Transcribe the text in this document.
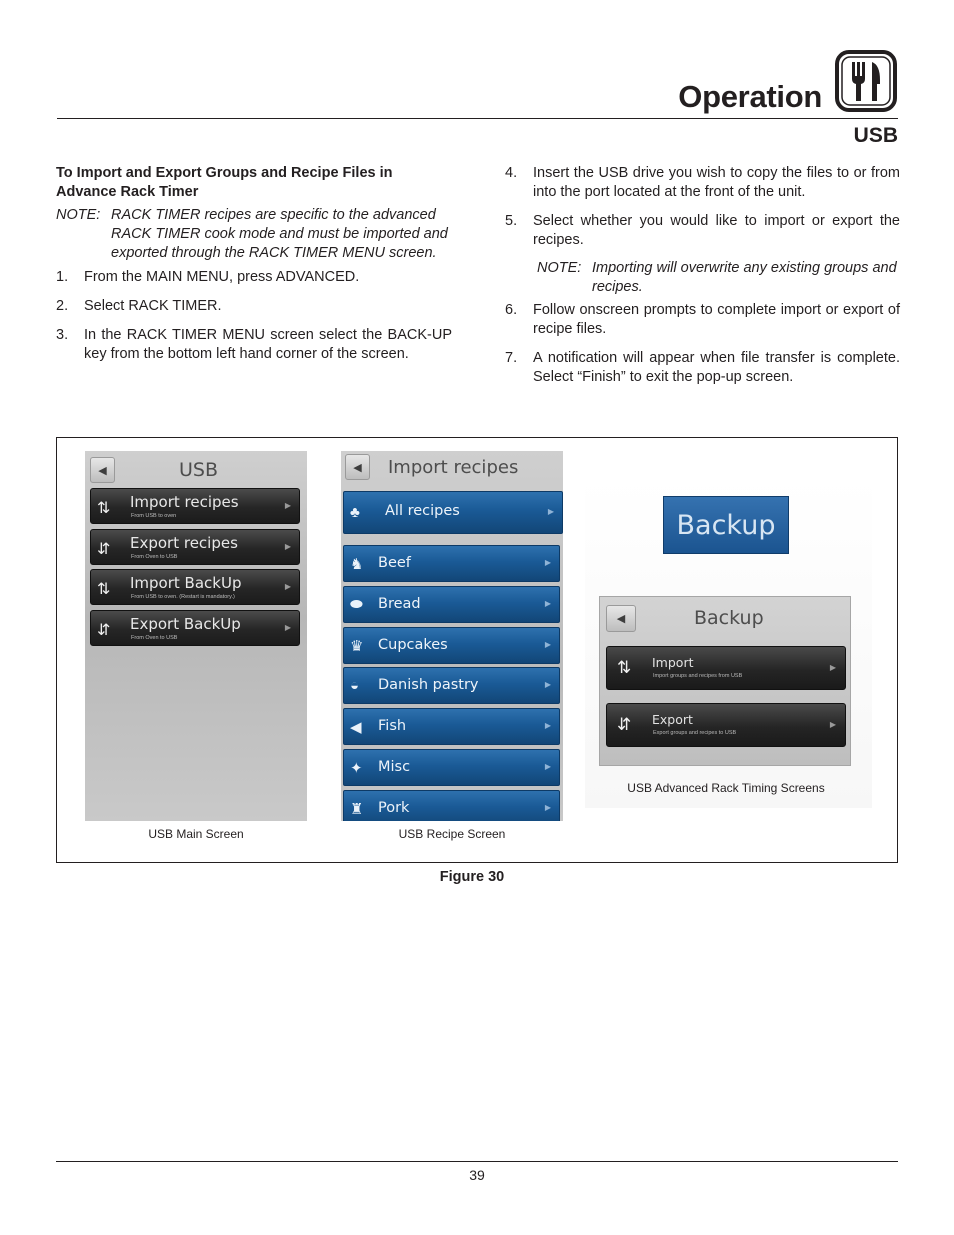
Operation
USB
To Import and Export Groups and Recipe Files in Advance Rack Timer
NOTE: RACK TIMER recipes are specific to the advanced RACK TIMER cook mode and must be imported and exported through the RACK TIMER MENU screen.
1.	From the MAIN MENU, press ADVANCED.
2.	Select RACK TIMER.
3.	In the RACK TIMER MENU screen select the BACK-UP key from the bottom left hand corner of the screen.
4.	Insert the USB drive you wish to copy the files to or from into the port located at the front of the unit.
5.	Select whether you would like to import or export the recipes.
NOTE: Importing will overwrite any existing groups and recipes.
6.	Follow onscreen prompts to complete import or export of recipe files.
7.	A notification will appear when file transfer is complete. Select “Finish” to exit the pop-up screen.
◀	USB
⇅ Import recipes
From USB to oven
▶
⇵ Export recipes
From Oven to USB
▶
⇅ Import BackUp
From USB to oven. (Restart is mandatory.)
▶
⇵ Export BackUp
From Oven to USB
▶
USB Main Screen
◀ Import recipes
♣ All recipes	▶
♞ Beef	▶
⬬ Bread	▶
♛ Cupcakes	▶
◒ Danish pastry	▶
◀ Fish	▶
✦ Misc	▶
♜ Pork	▶
USB Recipe Screen
Backup
◀	Backup
⇅ Import
Import groups and recipes from USB
▶
⇵ Export
Export groups and recipes to USB
▶
USB Advanced Rack Timing Screens
Figure 30
39
